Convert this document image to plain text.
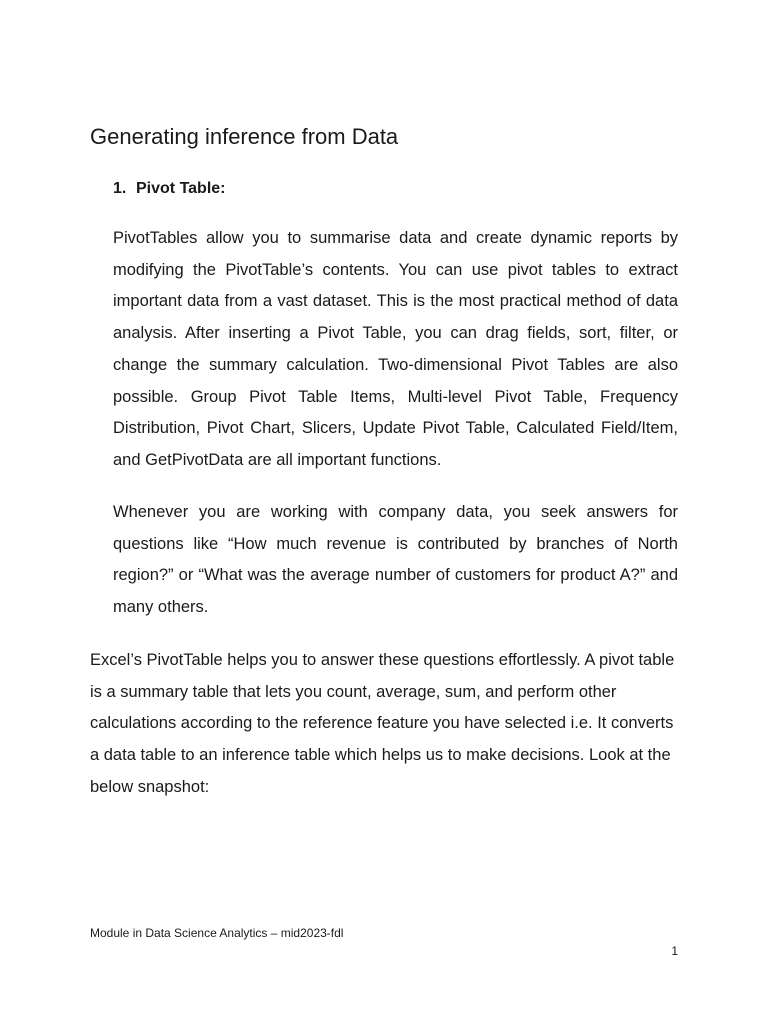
Generating inference from Data
1. Pivot Table:

PivotTables allow you to summarise data and create dynamic reports by modifying the PivotTable’s contents. You can use pivot tables to extract important data from a vast dataset. This is the most practical method of data analysis. After inserting a Pivot Table, you can drag fields, sort, filter, or change the summary calculation. Two-dimensional Pivot Tables are also possible. Group Pivot Table Items, Multi-level Pivot Table, Frequency Distribution, Pivot Chart, Slicers, Update Pivot Table, Calculated Field/Item, and GetPivotData are all important functions.

Whenever you are working with company data, you seek answers for questions like “How much revenue is contributed by branches of North region?” or “What was the average number of customers for product A?” and many others.

Excel’s PivotTable helps you to answer these questions effortlessly. A pivot table is a summary table that lets you count, average, sum, and perform other calculations according to the reference feature you have selected i.e. It converts a data table to an inference table which helps us to make decisions. Look at the below snapshot:

Module in Data Science Analytics – mid2023-fdl

1
